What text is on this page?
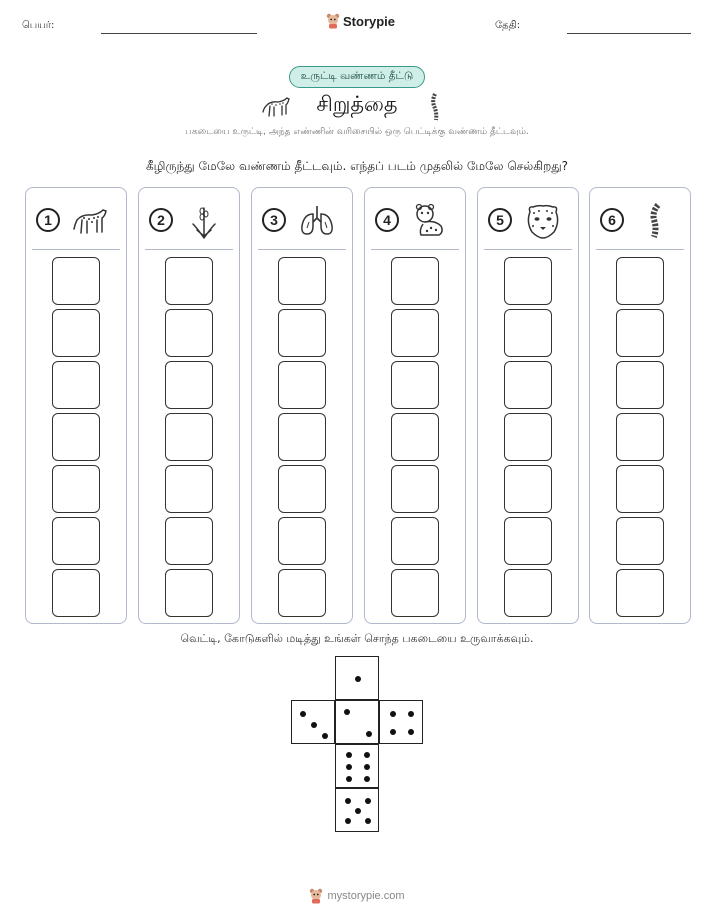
பெயர்:	Storypie	தேதி:
உருட்டி வண்ணம் தீட்டு
சிறுத்தை
பகடையை உருட்டி, அந்த எண்ணின் வரிசையில் ஒரு பெட்டிக்கு வண்ணம் தீட்டவும்.
கீழிருந்து மேலே வண்ணம் தீட்டவும். எந்தப் படம் முதலில் மேலே செல்கிறது?
1	2	3	4	5	6
வெட்டி, கோடுகளில் மடித்து உங்கள் சொந்த பகடையை உருவாக்கவும்.
mystorypie.com
